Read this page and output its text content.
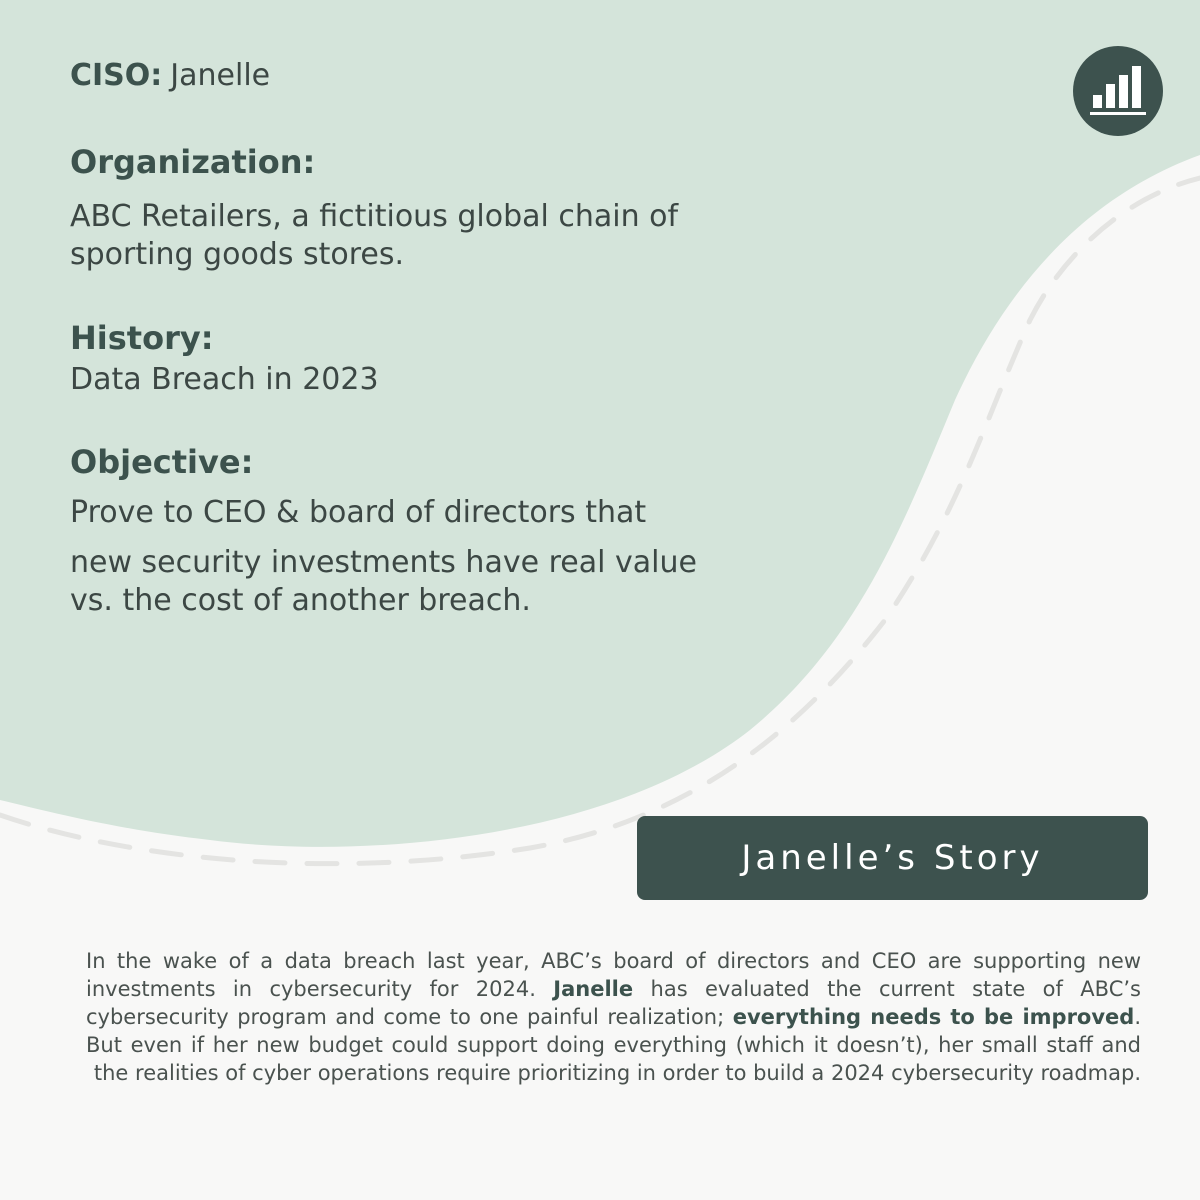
CISO: Janelle
Organization:
ABC Retailers, a fictitious global chain of sporting goods stores.
History:
Data Breach in 2023
Objective:
Prove to CEO & board of directors that
new security investments have real value vs. the cost of another breach.
Janelle’s Story
In the wake of a data breach last year, ABC’s board of directors and CEO are supporting new investments in cybersecurity for 2024. Janelle has evaluated the current state of ABC’s cybersecurity program and come to one painful realization; everything needs to be improved. But even if her new budget could support doing everything (which it doesn’t), her small staff and the realities of cyber operations require prioritizing in order to build a 2024 cybersecurity roadmap.
